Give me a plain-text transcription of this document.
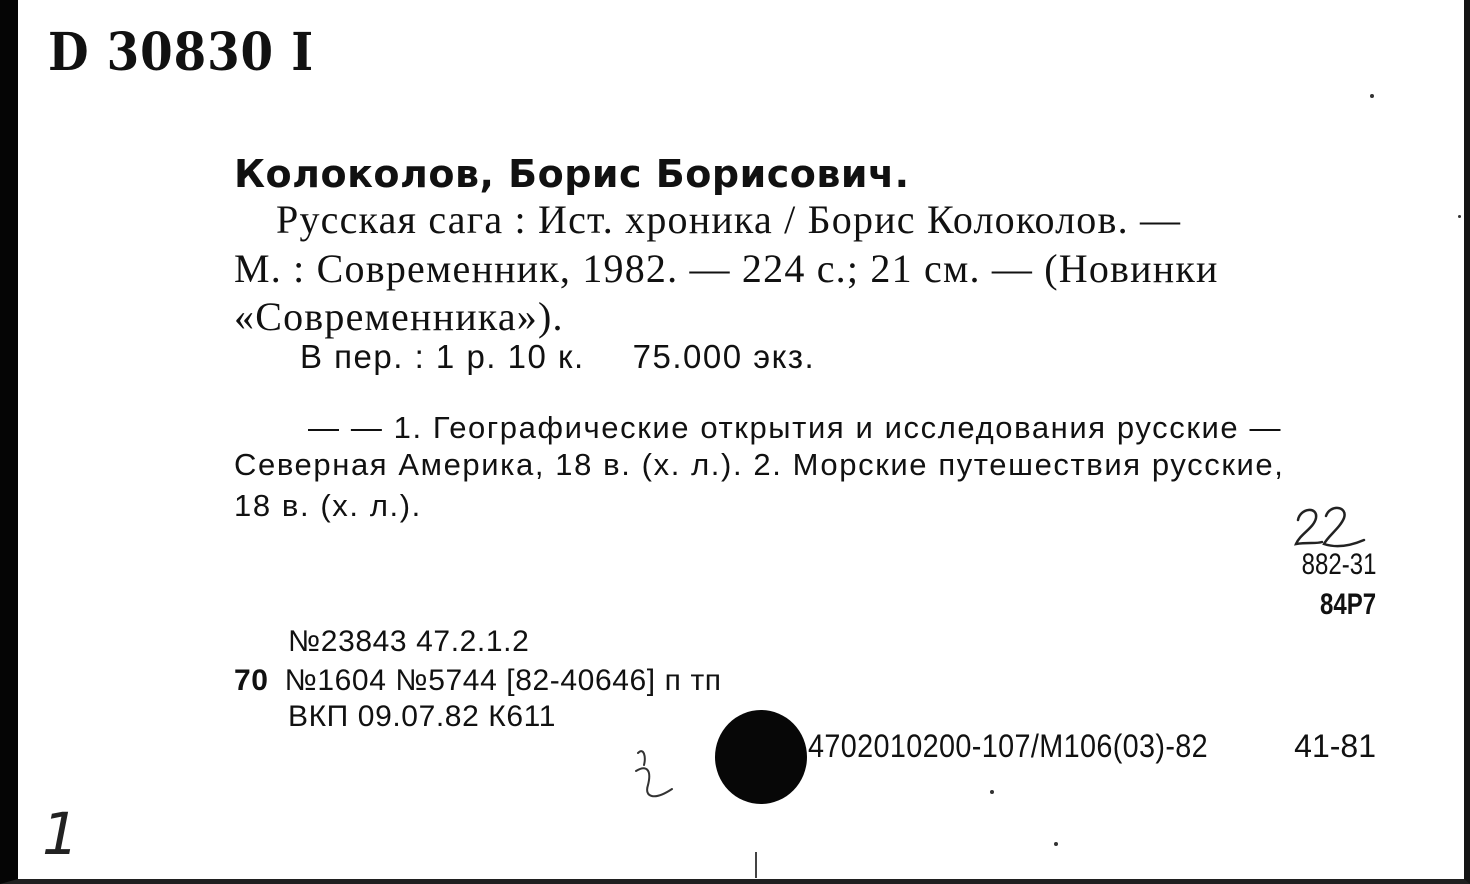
D 30830 I
Колоколов, Борис Борисович.
Русская сага : Ист. хроника / Борис Колоколов. —
М. : Современник, 1982. — 224 с.; 21 см. — (Новинки
«Современника»).
В пер. : 1 р. 10 к. 75.000 экз.
— — 1. Географические открытия и исследования русские —
Северная Америка, 18 в. (х. л.). 2. Морские путешествия русские,
18 в. (х. л.).
882-31
84Р7
№23843 47.2.1.2
70 №1604 №5744 [82-40646] п тп
ВКП 09.07.82 К611
4702010200-107/М106(03)-82	41-81
1
